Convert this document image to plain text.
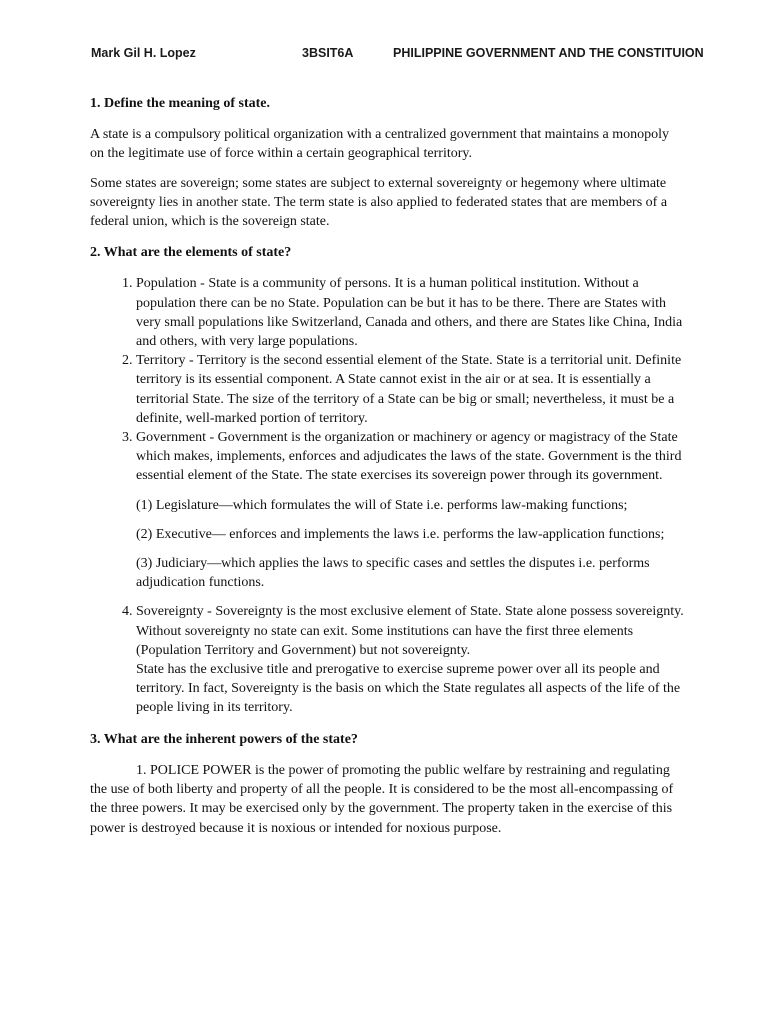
Mark Gil H. Lopez	3BSIT6A	PHILIPPINE GOVERNMENT AND THE CONSTITUION
1. Define the meaning of state.

A state is a compulsory political organization with a centralized government that maintains a monopoly on the legitimate use of force within a certain geographical territory.

Some states are sovereign; some states are subject to external sovereignty or hegemony where ultimate sovereignty lies in another state. The term state is also applied to federated states that are members of a federal union, which is the sovereign state.

2. What are the elements of state?
1. Population - State is a community of persons. It is a human political institution. Without a population there can be no State. Population can be but it has to be there. There are States with very small populations like Switzerland, Canada and others, and there are States like China, India and others, with very large populations.
2. Territory - Territory is the second essential element of the State. State is a territorial unit. Definite territory is its essential component. A State cannot exist in the air or at sea. It is essentially a territorial State. The size of the territory of a State can be big or small; nevertheless, it must be a definite, well-marked portion of territory.
3. Government - Government is the organization or machinery or agency or magistracy of the State which makes, implements, enforces and adjudicates the laws of the state. Government is the third essential element of the State. The state exercises its sovereign power through its government.
(1) Legislature—which formulates the will of State i.e. performs law-making functions;
(2) Executive— enforces and implements the laws i.e. performs the law-application functions;
(3) Judiciary—which applies the laws to specific cases and settles the disputes i.e. performs adjudication functions.
4. Sovereignty - Sovereignty is the most exclusive element of State. State alone possess sovereignty. Without sovereignty no state can exit. Some institutions can have the first three elements (Population Territory and Government) but not sovereignty.
State has the exclusive title and prerogative to exercise supreme power over all its people and territory. In fact, Sovereignty is the basis on which the State regulates all aspects of the life of the people living in its territory.
3. What are the inherent powers of the state?

1. POLICE POWER is the power of promoting the public welfare by restraining and regulating the use of both liberty and property of all the people. It is considered to be the most all-encompassing of the three powers. It may be exercised only by the government. The property taken in the exercise of this power is destroyed because it is noxious or intended for noxious purpose.
